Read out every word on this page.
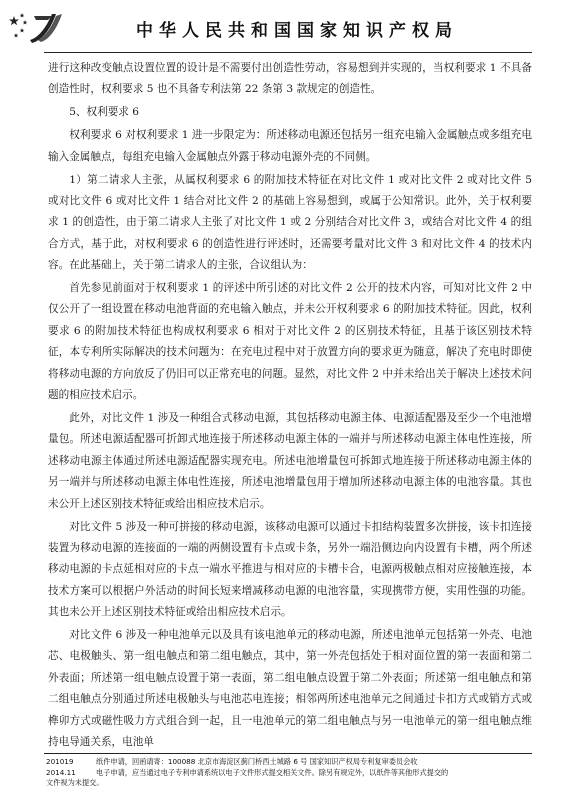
中华人民共和国国家知识产权局

进行这种改变触点设置位置的设计是不需要付出创造性劳动，容易想到并实现的，当权利要求 1 不具备创造性时，权利要求 5 也不具备专利法第 22 条第 3 款规定的创造性。

5、权利要求 6

权利要求 6 对权利要求 1 进一步限定为：所述移动电源还包括另一组充电输入金属触点或多组充电输入金属触点，每组充电输入金属触点外露于移动电源外壳的不同侧。

1）第二请求人主张，从属权利要求 6 的附加技术特征在对比文件 1 或对比文件 2 或对比文件 5 或对比文件 6 或对比文件 1 结合对比文件 2 的基础上容易想到，或属于公知常识。此外，关于权利要求 1 的创造性，由于第二请求人主张了对比文件 1 或 2 分别结合对比文件 3，或结合对比文件 4 的组合方式，基于此，对权利要求 6 的创造性进行评述时，还需要考量对比文件 3 和对比文件 4 的技术内容。在此基础上，关于第二请求人的主张，合议组认为：

首先参见前面对于权利要求 1 的评述中所引述的对比文件 2 公开的技术内容，可知对比文件 2 中仅公开了一组设置在移动电池背面的充电输入触点，并未公开权利要求 6 的附加技术特征。因此，权利要求 6 的附加技术特征也构成权利要求 6 相对于对比文件 2 的区别技术特征，且基于该区别技术特征，本专利所实际解决的技术问题为：在充电过程中对于放置方向的要求更为随意，解决了充电时即使将移动电源的方向放反了仍旧可以正常充电的问题。显然，对比文件 2 中并未给出关于解决上述技术问题的相应技术启示。

此外，对比文件 1 涉及一种组合式移动电源，其包括移动电源主体、电源适配器及至少一个电池增量包。所述电源适配器可折卸式地连接于所述移动电源主体的一端并与所述移动电源主体电性连接，所述移动电源主体通过所述电源适配器实现充电。所述电池增量包可拆卸式地连接于所述移动电源主体的另一端并与所述移动电源主体电性连接，所述电池增量包用于增加所述移动电源主体的电池容量。其也未公开上述区别技术特征或给出相应技术启示。

对比文件 5 涉及一种可拼接的移动电源，该移动电源可以通过卡扣结构装置多次拼接，该卡扣连接装置为移动电源的连接面的一端的两侧设置有卡点或卡条，另外一端沿侧边向内设置有卡槽，两个所述移动电源的卡点延相对应的卡点一端水平推进与相对应的卡槽卡合，电源两极触点相对应接触连接，本技术方案可以根据户外活动的时间长短来增减移动电源的电池容量，实现携带方便，实用性强的功能。其也未公开上述区别技术特征或给出相应技术启示。

对比文件 6 涉及一种电池单元以及具有该电池单元的移动电源，所述电池单元包括第一外壳、电池芯、电极触头、第一组电触点和第二组电触点，其中，第一外壳包括处于相对面位置的第一表面和第二外表面；所述第一组电触点设置于第一表面，第二组电触点设置于第二外表面；所述第一组电触点和第二组电触点分别通过所述电极触头与电池芯电连接；相邻两所述电池单元之间通过卡扣方式或销方式或榫卯方式或磁性吸力方式组合到一起，且一电池单元的第二组电触点与另一电池单元的第一组电触点维持电导通关系，电池单

201019	纸件申请，回函请寄：100088 北京市海淀区蓟门桥西土城路 6 号 国家知识产权局专利复审委员会收
2014.11	电子申请，应当通过电子专利申请系统以电子文件形式提交相关文件。除另有规定外，以纸件等其他形式提交的
文件视为未提交。
